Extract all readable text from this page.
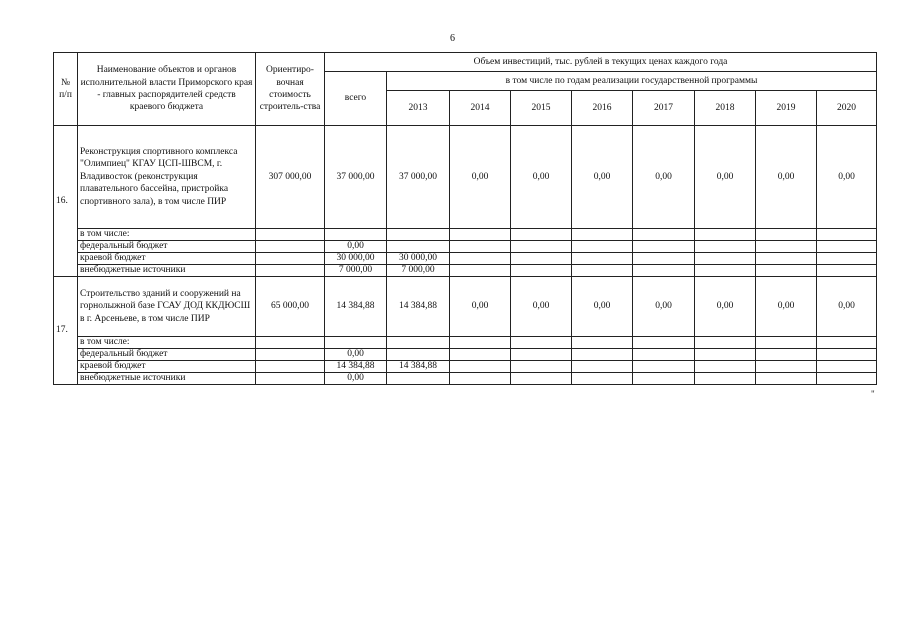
6
№ п/п	Наименование объектов и органов исполнительной власти Приморского края - главных распорядителей средств краевого бюджета	Ориентиро-вочная стоимость строитель-ства	Объем инвестиций, тыс. рублей в текущих ценах каждого года								
			всего	в том числе по годам реализации государственной программы							
				2013	2014	2015	2016	2017	2018	2019	2020
16.	Реконструкция спортивного комплекса "Олимпиец" КГАУ ЦСП-ШВСМ, г. Владивосток (реконструкция плавательного бассейна, пристройка спортивного зала), в том числе ПИР	307 000,00	37 000,00	37 000,00	0,00	0,00	0,00	0,00	0,00	0,00	0,00
	в том числе:										
	федеральный бюджет		0,00								
	краевой бюджет		30 000,00	30 000,00							
	внебюджетные источники		7 000,00	7 000,00							
17.	Строительство зданий и сооружений на горнолыжной базе ГСАУ ДОД ККДЮСШ в г. Арсеньеве, в том числе ПИР	65 000,00	14 384,88	14 384,88	0,00	0,00	0,00	0,00	0,00	0,00	0,00
	в том числе:										
	федеральный бюджет		0,00								
	краевой бюджет		14 384,88	14 384,88							
	внебюджетные источники		0,00								
"
